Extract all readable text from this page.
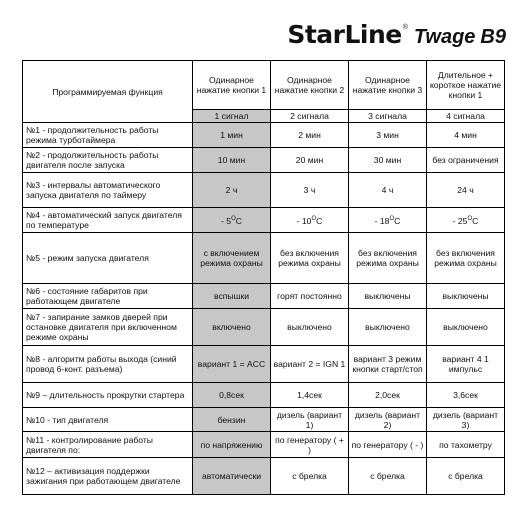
StarLine ® Twage B9
Программируемая функция	Одинарное нажатие кнопки 1	Одинарное нажатие кнопки 2	Одинарное нажатие кнопки 3	Длительное + короткое нажатие кнопки 1
	1 сигнал	2 сигнала	3 сигнала	4 сигнала
№1 - продолжительность работы режима турботаймера	1 мин	2 мин	3 мин	4 мин
№2 - продолжительность работы двигателя после запуска	10 мин	20 мин	30 мин	без ограничения
№3 - интервалы автоматического запуска двигателя по таймеру	2 ч	3 ч	4 ч	24 ч
№4 - автоматический запуск двигателя по температуре	- $5^OC$	- $10^OC$	- $18^OC$	- $25^OC$
№5 - режим запуска двигателя	с включением режима охраны	без включения режима охраны	без включения режима охраны	без включения режима охраны
№6 - состояние габаритов при работающем двигателе	вспышки	горят постоянно	выключены	выключены
№7 - запирание замков дверей при остановке двигателя при включенном режиме охраны	включено	выключено	выключено	выключено
№8 - алгоритм работы выхода (синий провод 6-конт. разъема)	вариант 1 = ACC	вариант 2 = IGN 1	вариант 3 режим кнопки старт/стоп	вариант 4 1 импульс
№9 – длительность прокрутки стартера	0,8сек	1,4сек	2,0сек	3,6сек
№10 - тип двигателя	бензин	дизель (вариант 1)	дизель (вариант 2)	дизель (вариант 3)
№11 - контролирование работы двигателя по:	по напряжению	по генератору ( + )	по генератору ( - )	по тахометру
№12 – активизация поддержки зажигания при работающем двигателе	автоматически	с брелка	с брелка	с брелка
